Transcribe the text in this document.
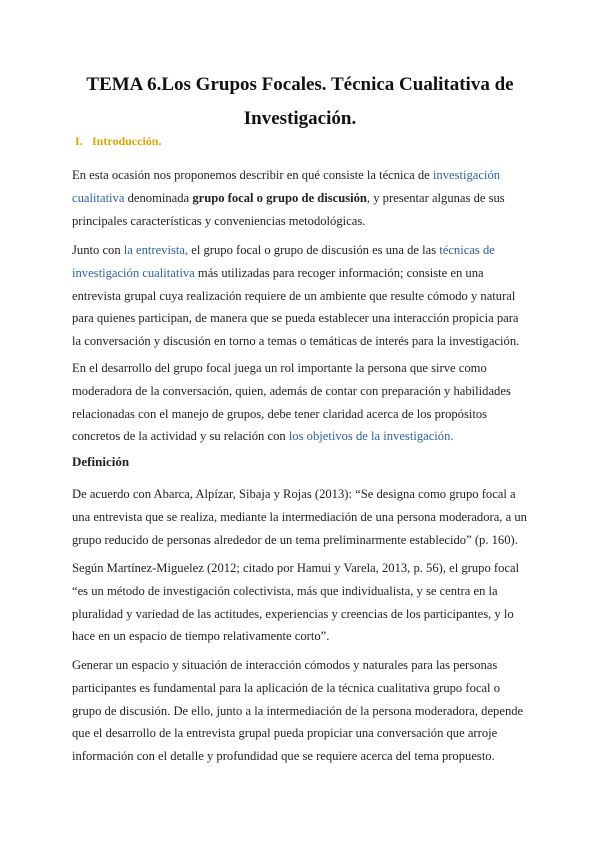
TEMA 6.Los Grupos Focales. Técnica Cualitativa de
Investigación.
I. Introducción.

En esta ocasión nos proponemos describir en qué consiste la técnica de investigación cualitativa denominada grupo focal o grupo de discusión, y presentar algunas de sus principales características y conveniencias metodológicas.

Junto con la entrevista, el grupo focal o grupo de discusión es una de las técnicas de investigación cualitativa más utilizadas para recoger información; consiste en una entrevista grupal cuya realización requiere de un ambiente que resulte cómodo y natural para quienes participan, de manera que se pueda establecer una interacción propicia para la conversación y discusión en torno a temas o temáticas de interés para la investigación.

En el desarrollo del grupo focal juega un rol importante la persona que sirve como moderadora de la conversación, quien, además de contar con preparación y habilidades relacionadas con el manejo de grupos, debe tener claridad acerca de los propósitos concretos de la actividad y su relación con los objetivos de la investigación.

Definición

De acuerdo con Abarca, Alpízar, Sibaja y Rojas (2013): “Se designa como grupo focal a una entrevista que se realiza, mediante la intermediación de una persona moderadora, a un grupo reducido de personas alrededor de un tema preliminarmente establecido” (p. 160).

Según Martínez-Miguelez (2012; citado por Hamui y Varela, 2013, p. 56), el grupo focal “es un método de investigación colectivista, más que individualista, y se centra en la pluralidad y variedad de las actitudes, experiencias y creencias de los participantes, y lo hace en un espacio de tiempo relativamente corto”.

Generar un espacio y situación de interacción cómodos y naturales para las personas participantes es fundamental para la aplicación de la técnica cualitativa grupo focal o grupo de discusión. De ello, junto a la intermediación de la persona moderadora, depende que el desarrollo de la entrevista grupal pueda propiciar una conversación que arroje información con el detalle y profundidad que se requiere acerca del tema propuesto.
